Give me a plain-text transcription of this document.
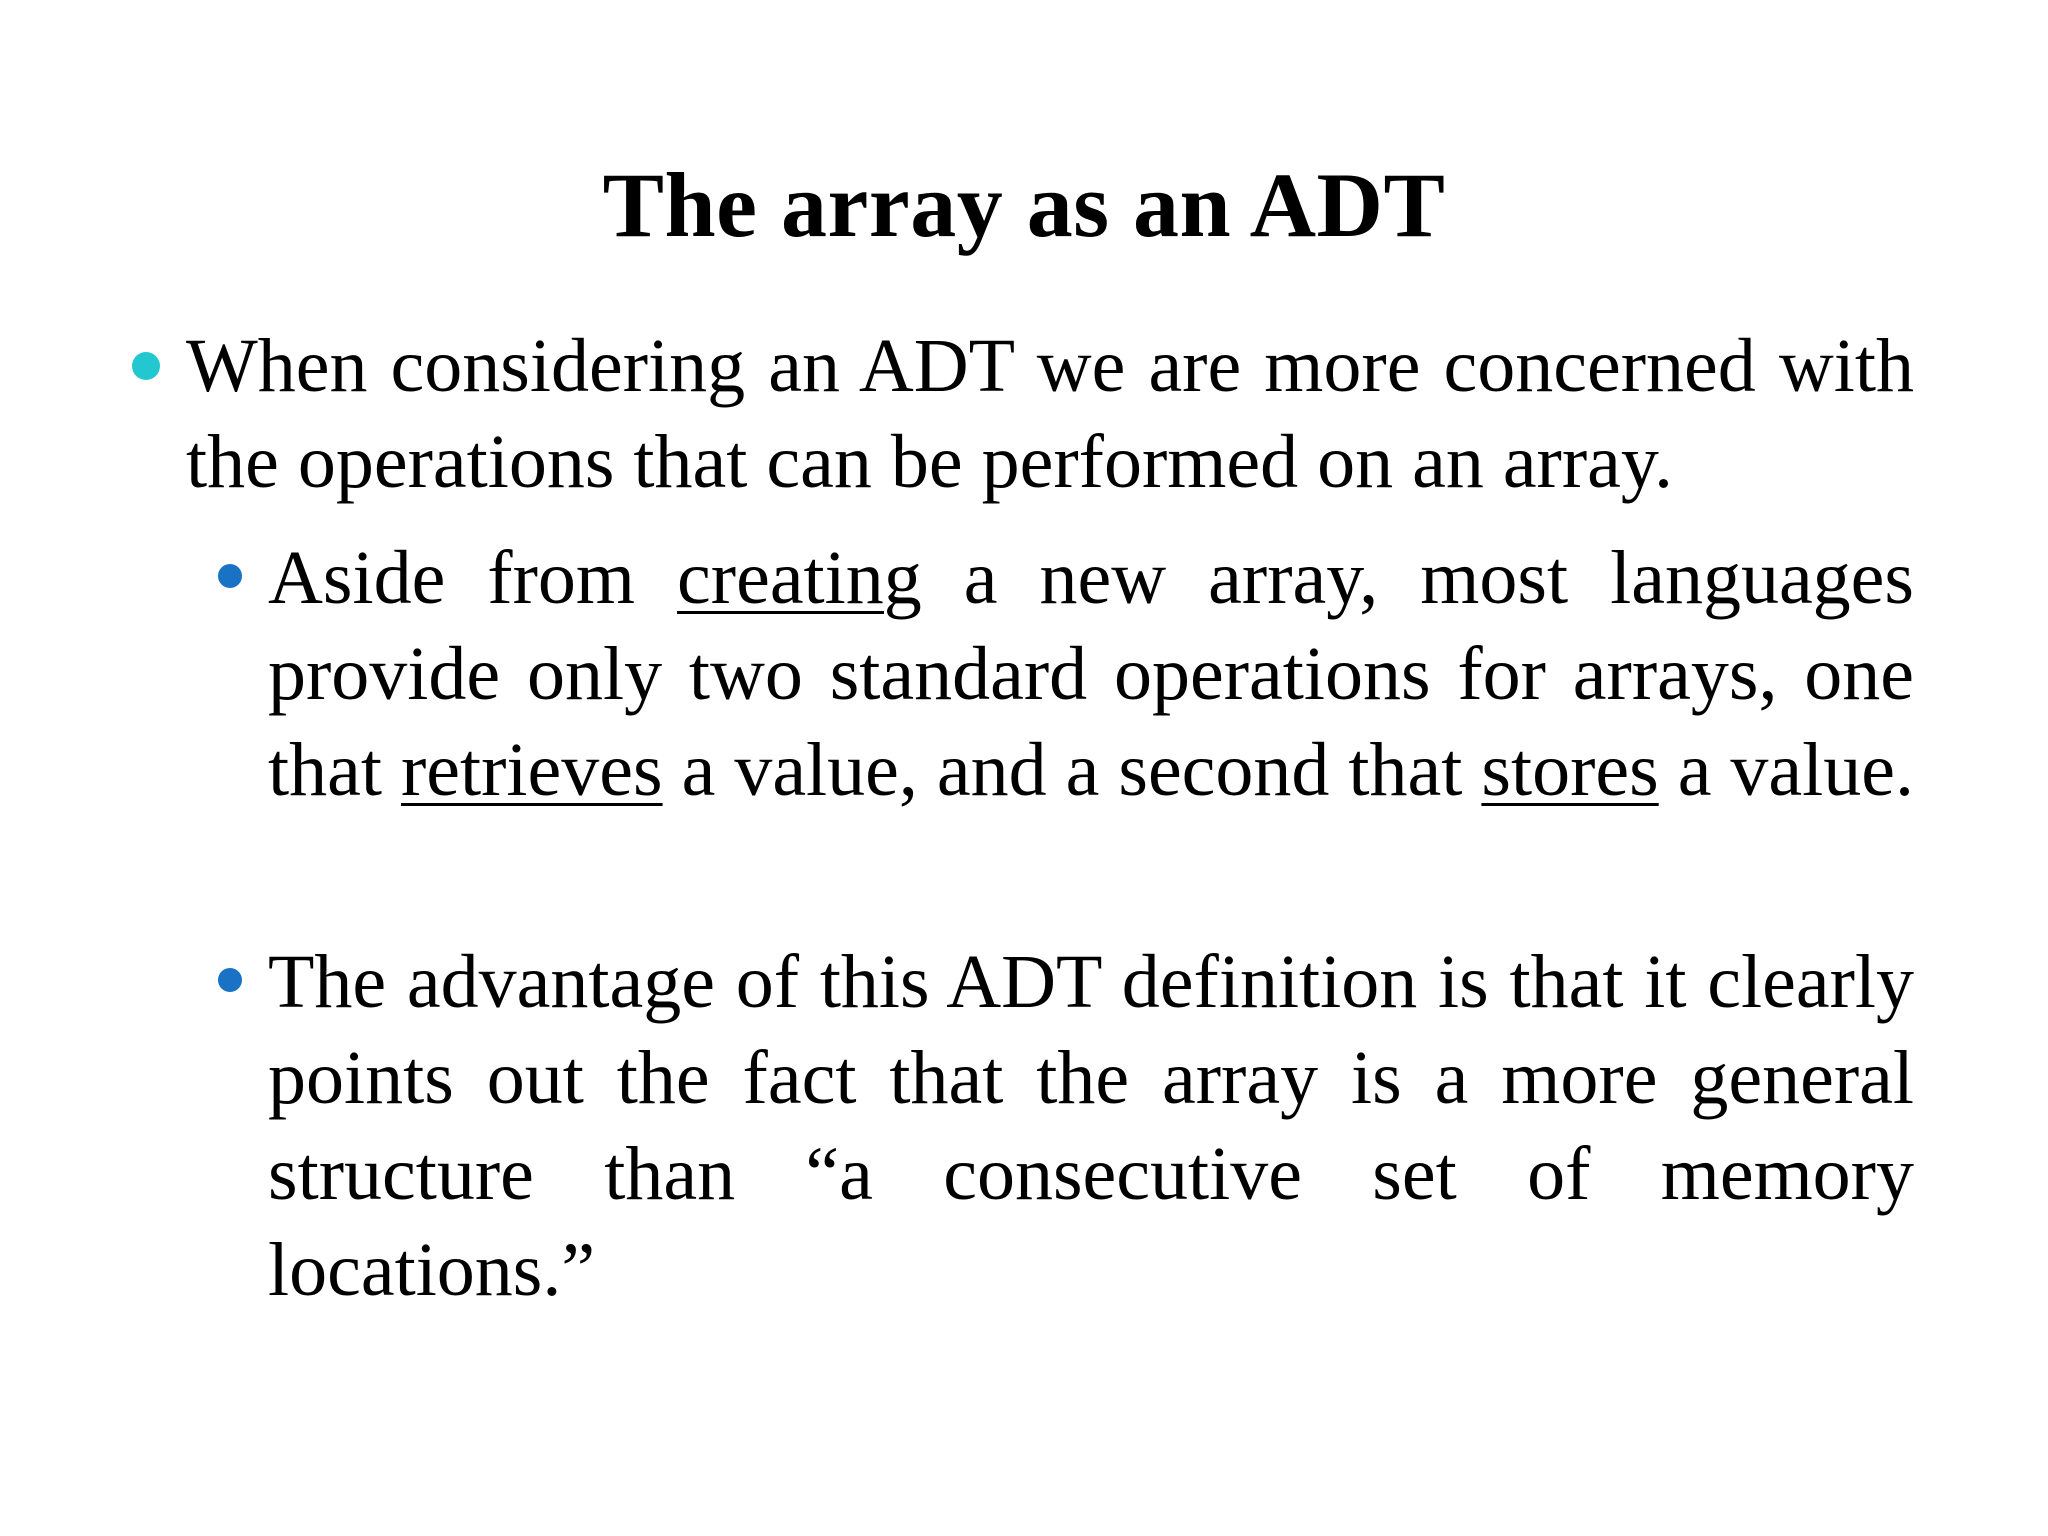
The array as an ADT
When considering an ADT we are more concerned with the operations that can be performed on an array.
Aside from creating a new array, most languages provide only two standard operations for arrays, one that retrieves a value, and a second that stores a value.
The advantage of this ADT definition is that it clearly points out the fact that the array is a more general structure than “a consecutive set of memory locations.”
